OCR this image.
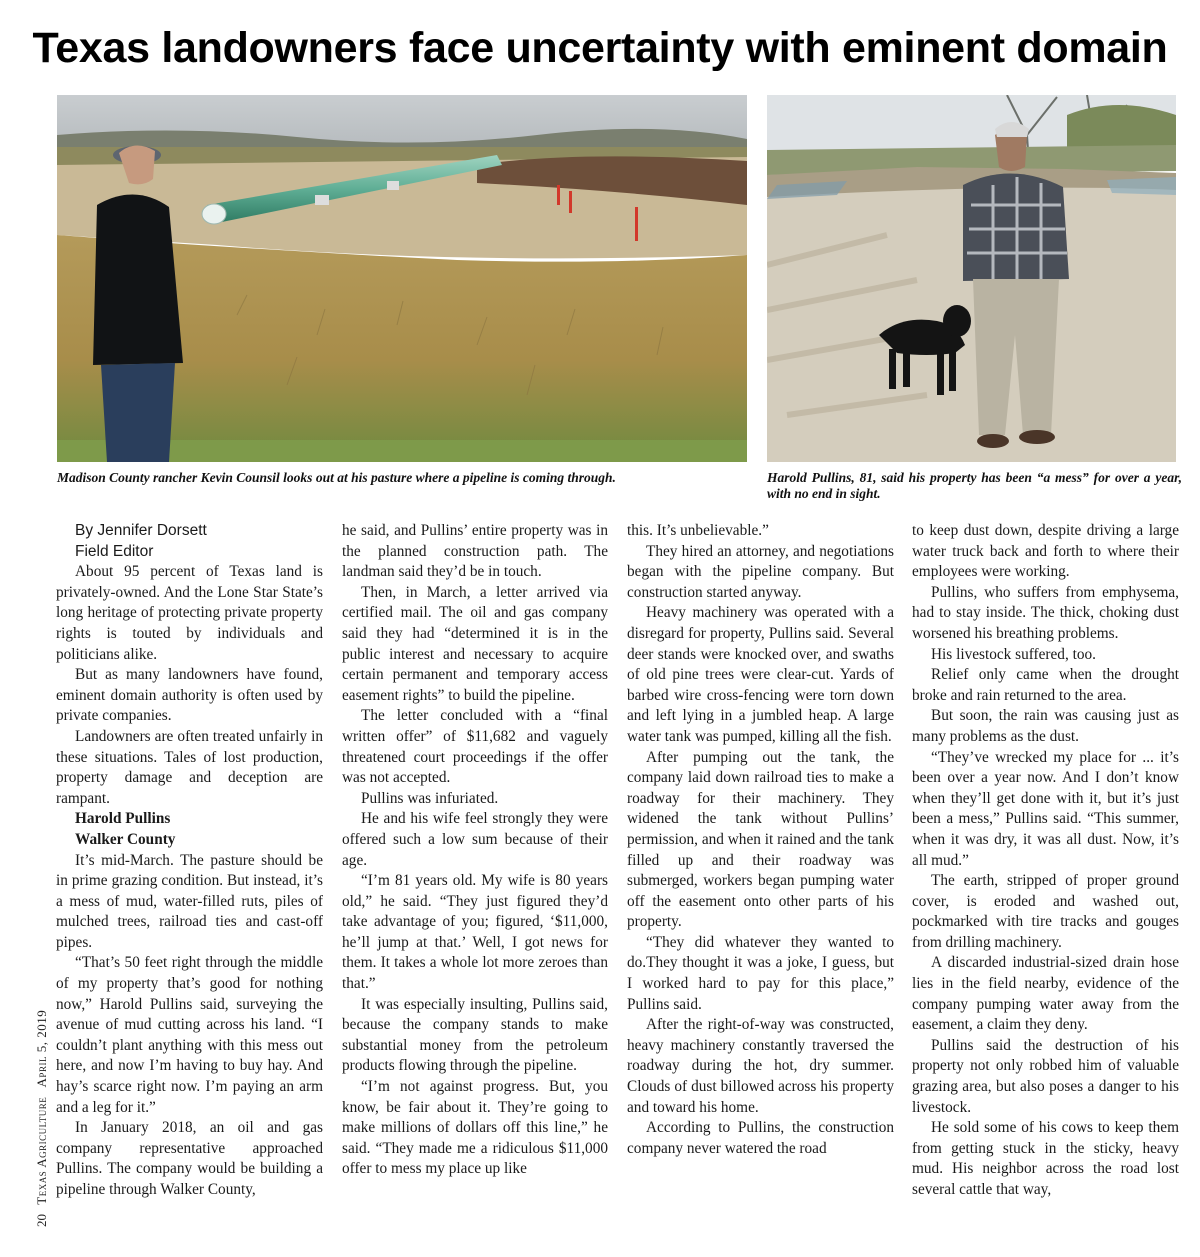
Texas landowners face uncertainty with eminent domain

Madison County rancher Kevin Counsil looks out at his pasture where a pipeline is coming through.	Harold Pullins, 81, said his property has been “a mess” for over a year, with no end in sight.

By Jennifer Dorsett

Field Editor

About 95 percent of Texas land is privately-owned. And the Lone Star State’s long heritage of protecting private property rights is touted by individuals and politicians alike.

But as many landowners have found, eminent domain authority is often used by private companies.

Landowners are often treated unfairly in these situations. Tales of lost production, property damage and deception are rampant.

Harold Pullins

Walker County

It’s mid-March. The pasture should be in prime grazing condition. But instead, it’s a mess of mud, water-filled ruts, piles of mulched trees, railroad ties and cast-off pipes.

“That’s 50 feet right through the middle of my property that’s good for nothing now,” Harold Pullins said, surveying the avenue of mud cutting across his land. “I couldn’t plant anything with this mess out here, and now I’m having to buy hay. And hay’s scarce right now. I’m paying an arm and a leg for it.”

In January 2018, an oil and gas company representative approached Pullins. The company would be building a pipeline through Walker County,

he said, and Pullins’ entire property was in the planned construction path. The landman said they’d be in touch.

Then, in March, a letter arrived via certified mail. The oil and gas company said they had “determined it is in the public interest and necessary to acquire certain permanent and temporary access easement rights” to build the pipeline.

The letter concluded with a “final written offer” of $11,682 and vaguely threatened court proceedings if the offer was not accepted.

Pullins was infuriated.

He and his wife feel strongly they were offered such a low sum because of their age.

“I’m 81 years old. My wife is 80 years old,” he said. “They just figured they’d take advantage of you; figured, ‘$11,000, he’ll jump at that.’ Well, I got news for them. It takes a whole lot more zeroes than that.”

It was especially insulting, Pullins said, because the company stands to make substantial money from the petroleum products flowing through the pipeline.

“I’m not against progress. But, you know, be fair about it. They’re going to make millions of dollars off this line,” he said. “They made me a ridiculous $11,000 offer to mess my place up like

this. It’s unbelievable.”

They hired an attorney, and negotiations began with the pipeline company. But construction started anyway.

Heavy machinery was operated with a disregard for property, Pullins said. Several deer stands were knocked over, and swaths of old pine trees were clear-cut. Yards of barbed wire cross-fencing were torn down and left lying in a jumbled heap. A large water tank was pumped, killing all the fish.

After pumping out the tank, the company laid down railroad ties to make a roadway for their machinery. They widened the tank without Pullins’ permission, and when it rained and the tank filled up and their roadway was submerged, workers began pumping water off the easement onto other parts of his property.

“They did whatever they wanted to do.They thought it was a joke, I guess, but I worked hard to pay for this place,” Pullins said.

After the right-of-way was constructed, heavy machinery constantly traversed the roadway during the hot, dry summer. Clouds of dust billowed across his property and toward his home.

According to Pullins, the construction company never watered the road

to keep dust down, despite driving a large water truck back and forth to where their employees were working.

Pullins, who suffers from emphysema, had to stay inside. The thick, choking dust worsened his breathing problems.

His livestock suffered, too.

Relief only came when the drought broke and rain returned to the area.

But soon, the rain was causing just as many problems as the dust.

“They’ve wrecked my place for ... it’s been over a year now. And I don’t know when they’ll get done with it, but it’s just been a mess,” Pullins said. “This summer, when it was dry, it was all dust. Now, it’s all mud.”

The earth, stripped of proper ground cover, is eroded and washed out, pockmarked with tire tracks and gouges from drilling machinery.

A discarded industrial-sized drain hose lies in the field nearby, evidence of the company pumping water away from the easement, a claim they deny.

Pullins said the destruction of his property not only robbed him of valuable grazing area, but also poses a danger to his livestock.

He sold some of his cows to keep them from getting stuck in the sticky, heavy mud. His neighbor across the road lost several cattle that way,

20 Texas Agriculture April 5, 2019
